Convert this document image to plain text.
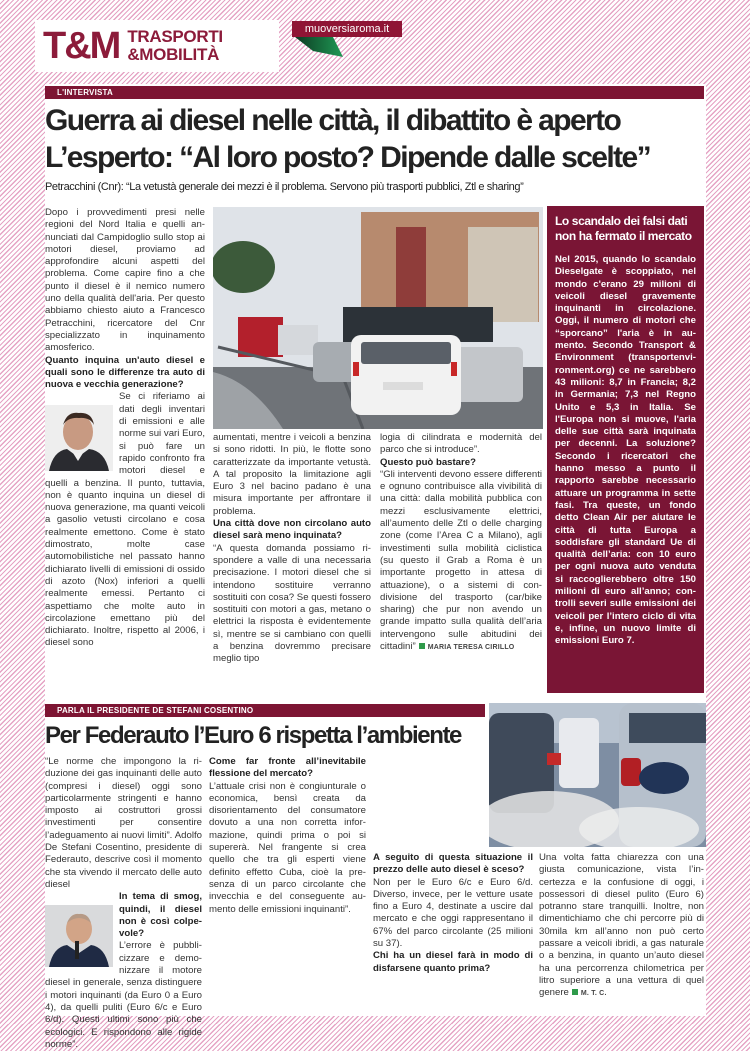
T&M TRASPORTI
&MOBILITÀ
muoversiaroma.it
L'INTERVISTA
Guerra ai diesel nelle città, il dibattito è aperto
L’esperto: “Al loro posto? Dipende dalle scelte”
Petracchini (Cnr): “La vetustà generale dei mezzi è il problema. Servono più trasporti pubblici, Ztl e sharing”

Dopo i provvedimenti presi nelle regioni del Nord Italia e quelli annunciati dal Campidoglio sullo stop ai motori diesel, proviamo ad approfondire alcuni aspetti del problema. Come capire fino a che punto il diesel è il nemico numero uno della qualità dell'aria. Per questo abbiamo chiesto aiuto a Francesco Petracchini, ricercatore del Cnr specializzato in inquinamento amosferico.

Quanto inquina un'auto diesel e quali sono le differenze tra auto di nuova e vecchia generazione?

Se ci riferiamo ai dati degli inventari di emissioni e alle norme sui vari Euro, si può fare un rapido confronto fra motori diesel e quelli a benzina. Il punto, tuttavia, non è quanto inquina un diesel di nuova generazione, ma quanti veicoli a gasolio vetusti circolano e cosa realmente emettono. Come è stato dimostrato, molte case automobilistiche nel passato hanno dichiarato livelli di emissioni di ossido di azoto (Nox) inferiori a quelli realmente emessi. Pertanto ci aspettiamo che molte auto in circolazione emettano più del dichiarato. Inoltre, rispetto al 2006, i diesel sono

aumentati, mentre i veicoli a benzina si sono ridotti. In più, le flotte sono caratterizzate da importante vetustà. A tal proposito la limitazione agli Euro 3 nel bacino padano è una misura importante per affrontare il problema.

Una città dove non circolano auto diesel sarà meno inquinata?

“A questa domanda possiamo rispondere a valle di una necessaria precisazione. I motori diesel che si intendono sostituire verranno sostituiti con cosa? Se questi fossero sostituiti con motori a gas, metano o elettrici la risposta è evidentemente sì, mentre se si cambiano con quelli a benzina dovremmo precisare meglio tipo

logia di cilindrata e modernità del parco che si introduce”.

Questo può bastare?

“Gli interventi devono essere differenti e ognuno contribuisce alla vivibilità di una città: dalla mobilità pubblica con mezzi esclusivamente elettrici, all’aumento delle Ztl o delle charging zone (come l’Area C a Milano), agli investimenti sulla mobilità ciclistica (su questo il Grab a Roma è un importante progetto in attesa di attuazione), o a sistemi di condivisione del trasporto (car/bike sharing) che pur non avendo un grande impatto sulla qualità dell’aria intervengono sulle abitudini dei cittadini” MARIA TERESA CIRILLO

Lo scandalo dei falsi dati non ha fermato il mercato
Nel 2015, quando lo scandalo Dieselgate è scoppiato, nel mondo c'erano 29 milioni di veicoli diesel gravemente inquinanti in circolazione. Oggi, il numero di motori che “sporcano” l'aria è in aumento. Secondo Transport & Environment (transportenvironment.org) ce ne sarebbero 43 milioni: 8,7 in Francia; 8,2 in Germania; 7,3 nel Regno Unito e 5,3 in Italia. Se l'Europa non si muove, l'aria delle sue città sarà inquinata per decenni. La soluzione? Secondo i ricercatori che hanno messo a punto il rapporto sarebbe necessario attuare un programma in sette fasi. Tra queste, un fondo detto Clean Air per aiutare le città di tutta Europa a soddisfare gli standard Ue di qualità dell’aria: con 10 euro per ogni nuova auto venduta si raccoglierebbero oltre 150 milioni di euro all’anno; controlli severi sulle emissioni dei veicoli per l’intero ciclo di vita e, infine, un nuovo limite di emissioni Euro 7.
PARLA IL PRESIDENTE DE STEFANI COSENTINO
Per Federauto l’Euro 6 rispetta l’ambiente

“Le norme che impongono la riduzione dei gas inquinanti delle auto (compresi i diesel) oggi sono particolarmente stringenti e hanno imposto ai costruttori grossi investimenti per consentire l’adeguamento ai nuovi limiti”. Adolfo De Stefani Cosentino, presidente di Federauto, descrive così il momento che sta vivendo il mercato delle auto diesel

In tema di smog, quindi, il diesel non è così colpevole?

L’errore è pubblicizzare e demonizzare il motore diesel in generale, senza distinguere i motori inquinanti (da Euro 0 a Euro 4), da quelli puliti (Euro 6/c e Euro 6/d). Questi ultimi sono più che ecologici. E rispondono alle rigide norme”.

Come far fronte all’inevitabile flessione del mercato?

L’attuale crisi non è congiunturale o economica, bensì creata da disorientamento del consumatore dovuto a una non corretta informazione, quindi prima o poi si supererà. Nel frangente si crea quello che tra gli esperti viene definito effetto Cuba, cioè la presenza di un parco circolante che invecchia e del conseguente aumento delle emissioni inquinanti”.

A seguito di questa situazione il prezzo delle auto diesel è sceso?

Non per le Euro 6/c e Euro 6/d. Diverso, invece, per le vetture usate fino a Euro 4, destinate a uscire dal mercato e che oggi rappresentano il 67% del parco circolante (25 milioni su 37).

Chi ha un diesel farà in modo di disfarsene quanto prima?

Una volta fatta chiarezza con una giusta comunicazione, vista l’incertezza e la confusione di oggi, i possessori di diesel pulito (Euro 6) potranno stare tranquilli. Inoltre, non dimentichiamo che chi percorre più di 30mila km all’anno non può certo passare a veicoli ibridi, a gas naturale o a benzina, in quanto un’auto diesel ha una percorrenza chilometrica per litro superiore a una vettura di quel genere M. T. C.
